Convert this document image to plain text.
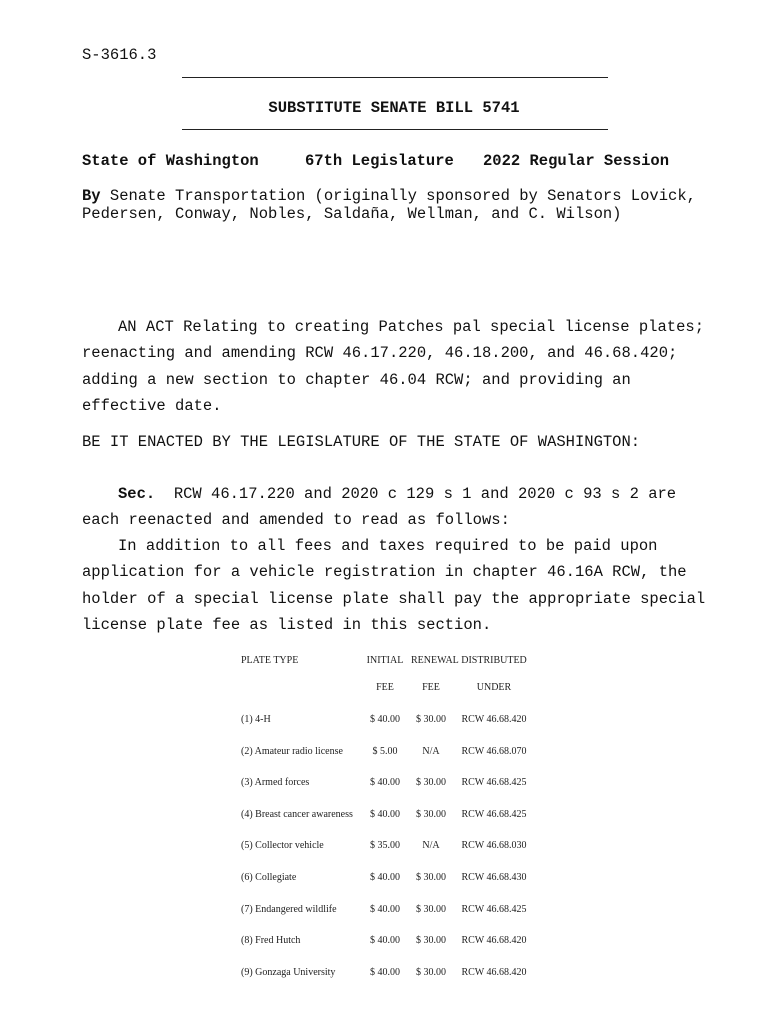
S-3616.3
SUBSTITUTE SENATE BILL 5741
State of Washington	67th Legislature 2022 Regular Session
By Senate Transportation (originally sponsored by Senators Lovick,
Pedersen, Conway, Nobles, Saldaña, Wellman, and C. Wilson)
AN ACT Relating to creating Patches pal special license plates; reenacting and amending RCW 46.17.220, 46.18.200, and 46.68.420; adding a new section to chapter 46.04 RCW; and providing an effective date.
BE IT ENACTED BY THE LEGISLATURE OF THE STATE OF WASHINGTON:
Sec.  RCW 46.17.220 and 2020 c 129 s 1 and 2020 c 93 s 2 are
each reenacted and amended to read as follows:
In addition to all fees and taxes required to be paid upon application for a vehicle registration in chapter 46.16A RCW, the holder of a special license plate shall pay the appropriate special license plate fee as listed in this section.
PLATE TYPE	INITIAL RENEWAL DISTRIBUTED
FEE	FEE	UNDER
(1) 4-H	$ 40.00	$ 30.00	RCW 46.68.420
(2) Amateur radio license	$ 5.00	N/A	RCW 46.68.070
(3) Armed forces	$ 40.00	$ 30.00	RCW 46.68.425
(4) Breast cancer awareness	$ 40.00	$ 30.00	RCW 46.68.425
(5) Collector vehicle	$ 35.00	N/A	RCW 46.68.030
(6) Collegiate	$ 40.00	$ 30.00	RCW 46.68.430
(7) Endangered wildlife	$ 40.00	$ 30.00	RCW 46.68.425
(8) Fred Hutch	$ 40.00	$ 30.00	RCW 46.68.420
(9) Gonzaga University	$ 40.00	$ 30.00	RCW 46.68.420
